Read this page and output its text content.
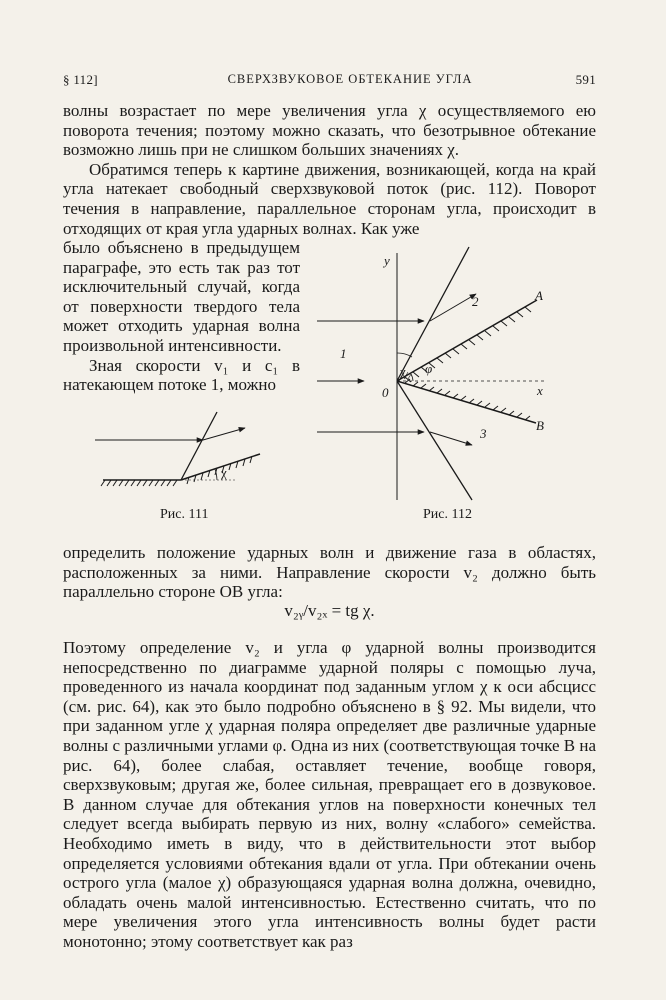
§ 112]	СВЕРХЗВУКОВОЕ ОБТЕКАНИЕ УГЛА	591

волны возрастает по мере увеличения угла χ осуществляемого ею поворота течения; поэтому можно сказать, что безотрывное обтекание возможно лишь при не слишком больших значениях χ.

Обратимся теперь к картине движения, возникающей, когда на край угла натекает свободный сверхзвуковой поток (рис. 112). Поворот течения в направление, параллельное сторонам угла, происходит в отходящих от края угла ударных волнах. Как уже

было объяснено в предыдущем параграфе, это есть так раз тот исключительный случай, когда от поверхности твердого тела может отходить ударная волна произвольной интенсивности.

Зная скорости v₁ и c₁ в натекающем потоке 1, можно

χ
Рис. 111
y
x
0
A
B
1
2
3
φ
χ
Рис. 112

определить положение ударных волн и движение газа в областях, расположенных за ними. Направление скорости v₂ должно быть параллельно стороне OB угла:

v₂ᵧ/v₂ₓ = tg χ.

Поэтому определение v₂ и угла φ ударной волны производится непосредственно по диаграмме ударной поляры с помощью луча, проведенного из начала координат под заданным углом χ к оси абсцисс (см. рис. 64), как это было подробно объяснено в § 92. Мы видели, что при заданном угле χ ударная поляра определяет две различные ударные волны с различными углами φ. Одна из них (соответствующая точке B на рис. 64), более слабая, оставляет течение, вообще говоря, сверхзвуковым; другая же, более сильная, превращает его в дозвуковое. В данном случае для обтекания углов на поверхности конечных тел следует всегда выбирать первую из них, волну «слабого» семейства. Необходимо иметь в виду, что в действительности этот выбор определяется условиями обтекания вдали от угла. При обтекании очень острого угла (малое χ) образующаяся ударная волна должна, очевидно, обладать очень малой интенсивностью. Естественно считать, что по мере увеличения этого угла интенсивность волны будет расти монотонно; этому соответствует как раз
